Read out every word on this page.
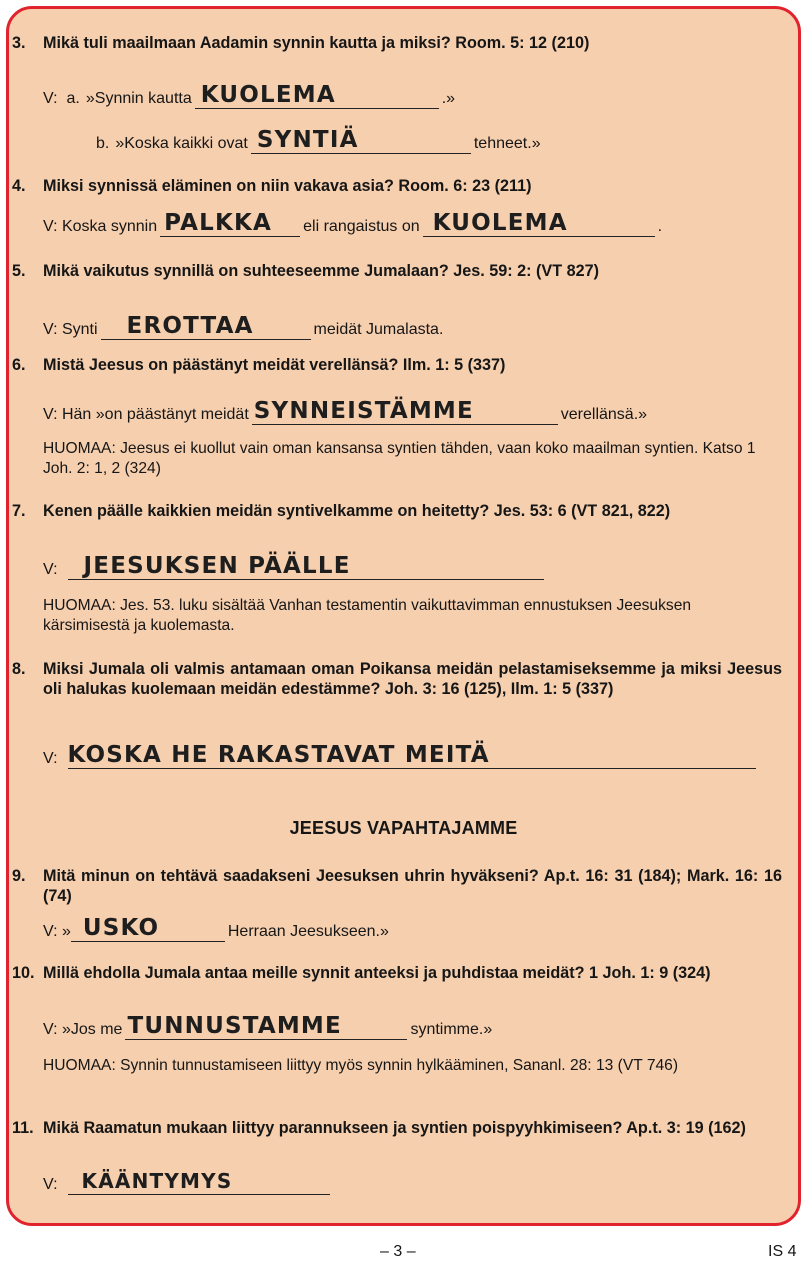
3.	Mikä tuli maailmaan Aadamin synnin kautta ja miksi? Room. 5: 12 (210)
V: a. »Synnin kautta KUOLEMA	.»
b. »Koska kaikki ovat SYNTIÄ	tehneet.»
4.	Miksi synnissä eläminen on niin vakava asia? Room. 6: 23 (211)
V: Koska synnin PALKKA eli rangaistus on KUOLEMA	.
5.	Mikä vaikutus synnillä on suhteeseemme Jumalaan? Jes. 59: 2: (VT 827)
V: Synti EROTTAA	meidät Jumalasta.
6.	Mistä Jeesus on päästänyt meidät verellänsä? Ilm. 1: 5 (337)
V: Hän »on päästänyt meidät SYNNEISTÄMME	verellänsä.»
HUOMAA: Jeesus ei kuollut vain oman kansansa syntien tähden, vaan koko maailman syntien. Katso 1 Joh. 2: 1, 2 (324)
7.	Kenen päälle kaikkien meidän syntivelkamme on heitetty? Jes. 53: 6 (VT 821, 822)
V: JEESUKSEN PÄÄLLE
HUOMAA: Jes. 53. luku sisältää Vanhan testamentin vaikuttavimman ennustuksen Jeesuksen kärsimisestä ja kuolemasta.
8.	Miksi Jumala oli valmis antamaan oman Poikansa meidän pelastamiseksemme ja miksi Jeesus oli halukas kuolemaan meidän edestämme? Joh. 3: 16 (125), Ilm. 1: 5 (337)
V: KOSKA HE RAKASTAVAT MEITÄ
JEESUS VAPAHTAJAMME
9.	Mitä minun on tehtävä saadakseni Jeesuksen uhrin hyväkseni? Ap.t. 16: 31 (184); Mark. 16: 16 (74)
V: » USKO	Herraan Jeesukseen.»
10. Millä ehdolla Jumala antaa meille synnit anteeksi ja puhdistaa meidät? 1 Joh. 1: 9 (324)
V: »Jos me TUNNUSTAMME	syntimme.»
HUOMAA: Synnin tunnustamiseen liittyy myös synnin hylkääminen, Sananl. 28: 13 (VT 746)
11. Mikä Raamatun mukaan liittyy parannukseen ja syntien poispyyhkimiseen? Ap.t. 3: 19 (162)
V: KÄÄNTYMYS
– 3 –	IS 4
